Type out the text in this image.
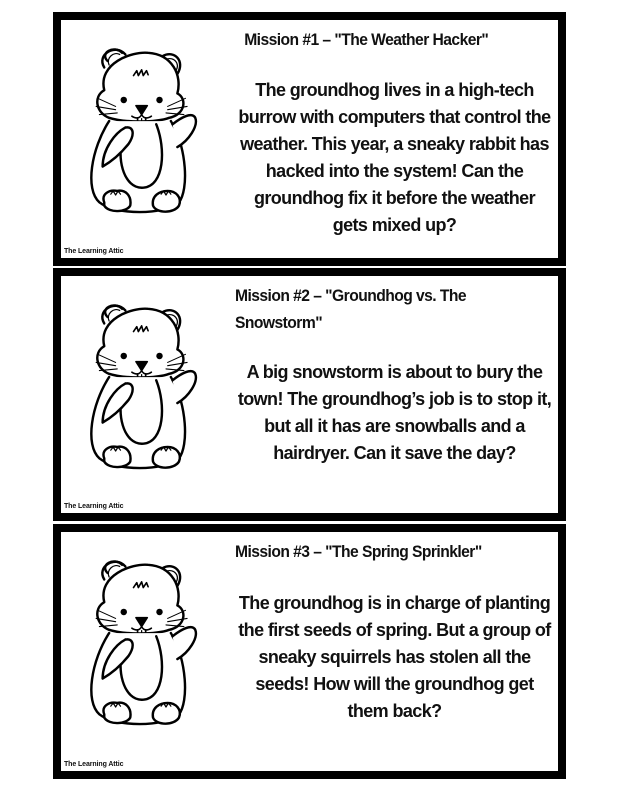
The Learning Attic
Mission #1 – "The Weather Hacker"
The groundhog lives in a high-tech burrow with computers that control the weather. This year, a sneaky rabbit has hacked into the system! Can the groundhog fix it before the weather gets mixed up?
The Learning Attic
Mission #2 – "Groundhog vs. The Snowstorm"
A big snowstorm is about to bury the town! The groundhog’s job is to stop it, but all it has are snowballs and a hairdryer. Can it save the day?
The Learning Attic
Mission #3 – "The Spring Sprinkler"
The groundhog is in charge of planting the first seeds of spring. But a group of sneaky squirrels has stolen all the seeds! How will the groundhog get them back?
